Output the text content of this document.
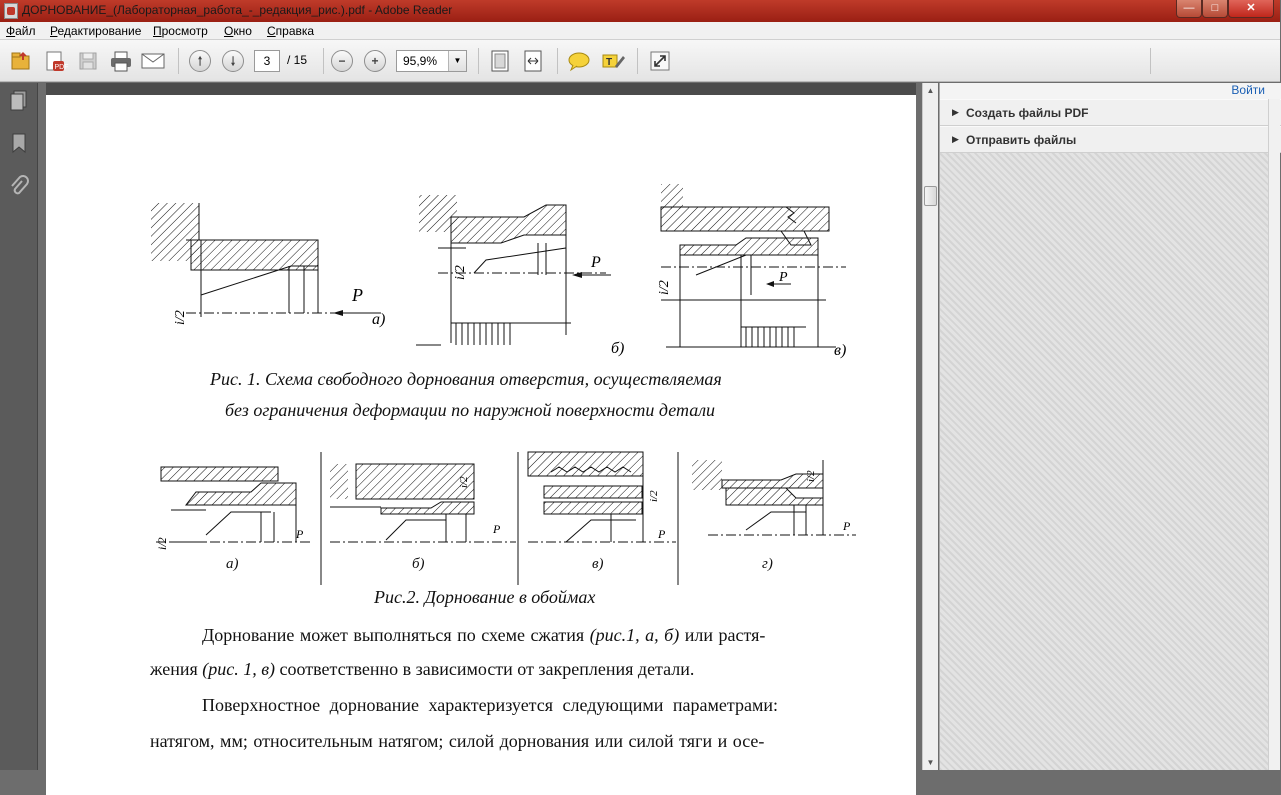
ДОРНОВАНИЕ_(Лабораторная_работа_-_редакция_рис.).pdf - Adobe Reader	—	□	✕
Файл Редактирование Просмотр Окно Справка
PDF	🠑	🠓	−	+	T
3	/ 15	95,9%	▼
P
i/2	а)
P
i/2
б)
P
i/2
в)
Рис. 1. Схема свободного дорнования отверстия, осуществляемая
без ограничения деформации по наружной поверхности детали
P
i/2
P
i/2
P
i/2
P
i/2
а)	б)	в)	г)
Рис.2. Дорнование в обоймах
Дорнование может выполняться по схеме сжатия (рис.1, а, б) или растя-
жения (рис. 1, в) соответственно в зависимости от закрепления детали.
Поверхностное дорнование характеризуется следующими параметрами:
натягом, мм; относительным натягом; силой дорнования или силой тяги и осе-
▲
▼
Войти
▶ Создать файлы PDF
▶ Отправить файлы
